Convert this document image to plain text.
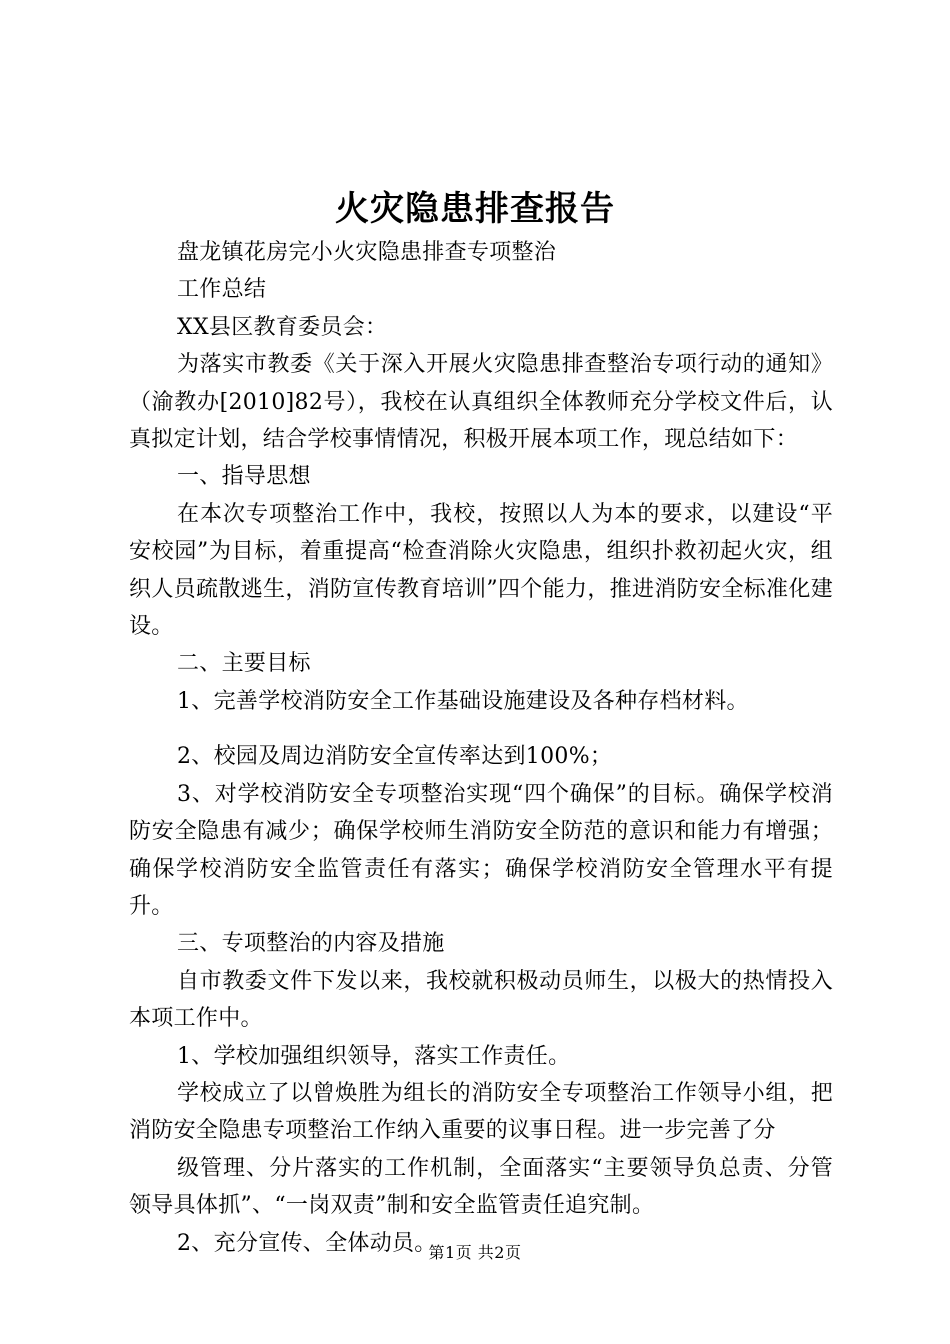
火灾隐患排查报告

盘龙镇花房完小火灾隐患排查专项整治

工作总结

XX县区教育委员会：

为落实市教委《关于深入开展火灾隐患排查整治专项行动的通知》（渝教办[2010]82号），我校在认真组织全体教师充分学校文件后，认真拟定计划，结合学校事情情况，积极开展本项工作，现总结如下：

一、指导思想

在本次专项整治工作中，我校，按照以人为本的要求，以建设“平安校园”为目标，着重提高“检查消除火灾隐患，组织扑救初起火灾，组织人员疏散逃生，消防宣传教育培训”四个能力，推进消防安全标准化建设。

二、主要目标

1、完善学校消防安全工作基础设施建设及各种存档材料。

2、校园及周边消防安全宣传率达到100%；

3、对学校消防安全专项整治实现“四个确保”的目标。确保学校消防安全隐患有减少；确保学校师生消防安全防范的意识和能力有增强；确保学校消防安全监管责任有落实；确保学校消防安全管理水平有提升。

三、专项整治的内容及措施

自市教委文件下发以来，我校就积极动员师生，以极大的热情投入本项工作中。

1、学校加强组织领导，落实工作责任。

学校成立了以曾焕胜为组长的消防安全专项整治工作领导小组，把消防安全隐患专项整治工作纳入重要的议事日程。进一步完善了分

级管理、分片落实的工作机制，全面落实“主要领导负总责、分管领导具体抓”、“一岗双责”制和安全监管责任追究制。

2、充分宣传、全体动员。

第1页 共2页
